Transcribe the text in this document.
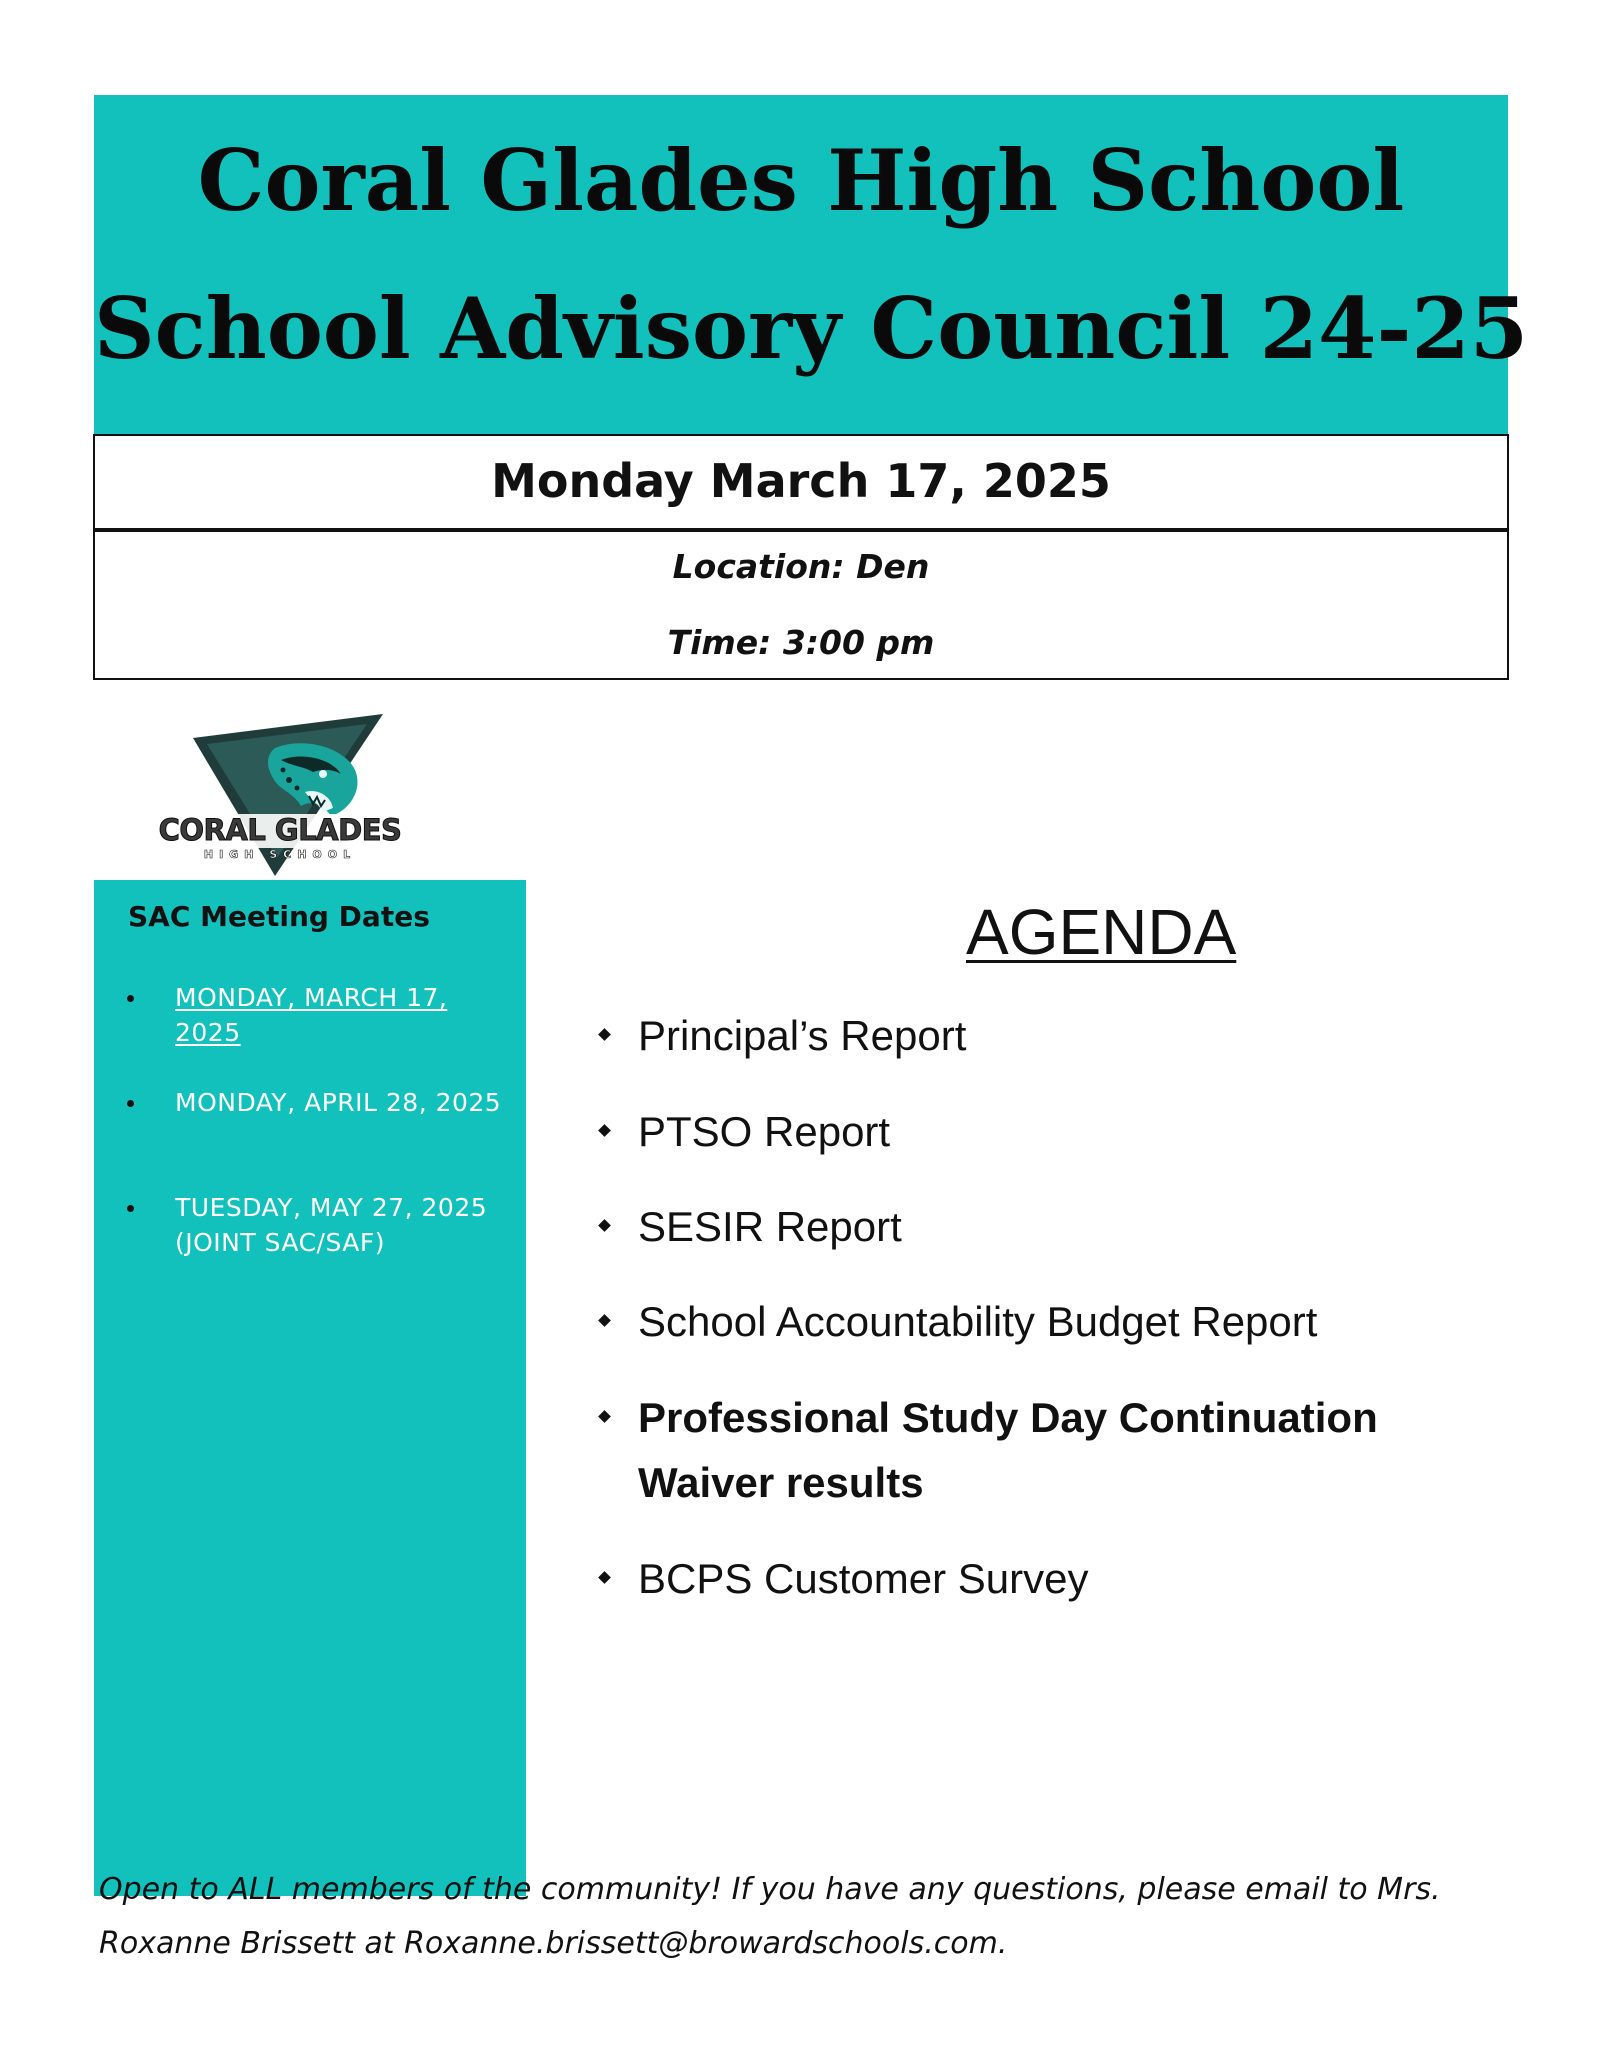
Coral Glades High School
School Advisory Council 24-25
Monday March 17, 2025
Location: Den
Time: 3:00 pm
CORAL GLADES
HIGH SCHOOL
SAC Meeting Dates
MONDAY, MARCH 17, 2025
MONDAY, APRIL 28, 2025
TUESDAY, MAY 27, 2025 (JOINT SAC/SAF)
AGENDA
Principal’s Report
PTSO Report
SESIR Report
School Accountability Budget Report
Professional Study Day Continuation Waiver results
BCPS Customer Survey
Open to ALL members of the community! If you have any questions, please email to Mrs.
Roxanne Brissett at Roxanne.brissett@browardschools.com.
